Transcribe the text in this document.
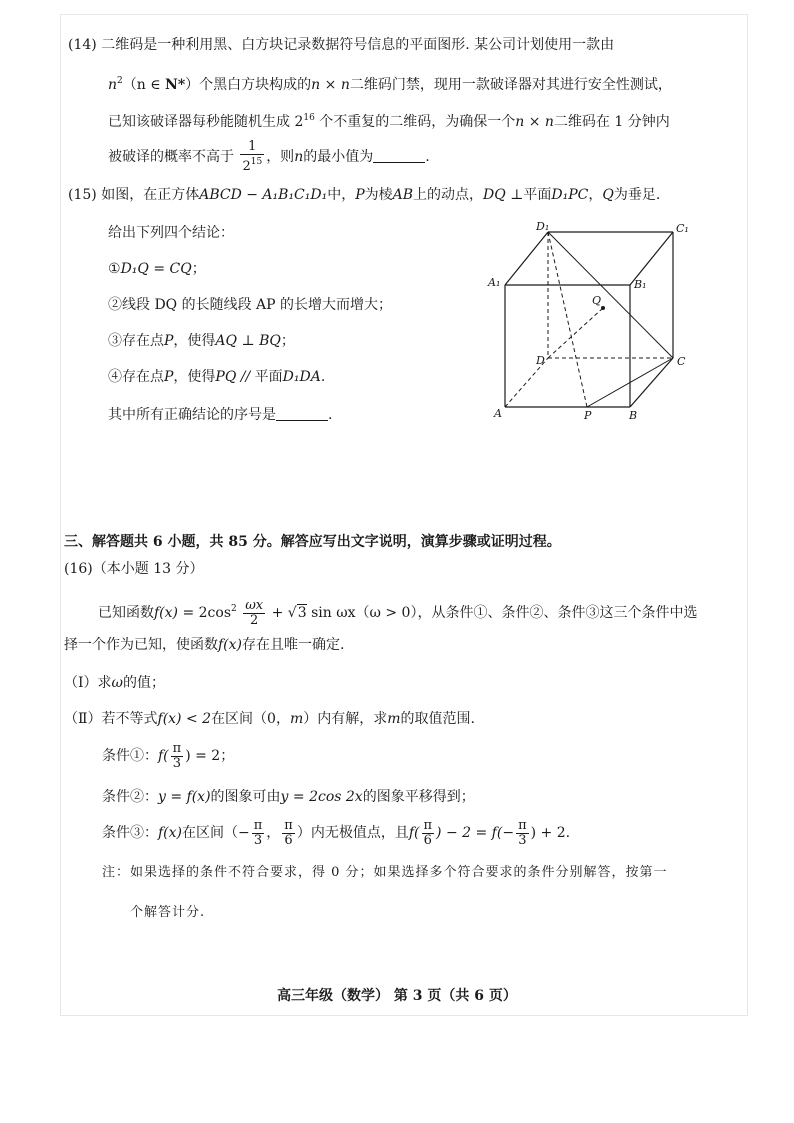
(14) 二维码是一种利用黑、白方块记录数据符号信息的平面图形. 某公司计划使用一款由
$n^2(n$ ∈ N*）个黑白方块构成的n × n二维码门禁，现用一款破译器对其进行安全性测试，
已知该破译器每秒能随机生成 $2^{16}$ 个不重复的二维码，为确保一个n × n二维码在 1 分钟内
被破译的概率不高于 $\frac{1}{2^{15}}$ ，则n的最小值为	.
(15) 如图，在正方体ABCD − A₁B₁C₁D₁中，P为棱AB上的动点，DQ ⊥平面D₁PC，Q为垂足.
给出下列四个结论：
①D₁Q = CQ；
②线段 DQ 的长随线段 AP 的长增大而增大；
③存在点P，使得AQ ⊥ BQ；
④存在点P，使得PQ // 平面D₁DA.
其中所有正确结论的序号是	.
D₁	C₁
A₁	B₁
Q
D	C
A	P	B
三、解答题共 6 小题，共 85 分。解答应写出文字说明，演算步骤或证明过程。
(16)（本小题 13 分）
已知函数$f(x) = 2\cos^2 \frac{\omega x}{2} + √3$ sin ωx（ω > 0），从条件①、条件②、条件③这三个条件中选
择一个作为已知，使函数f(x)存在且唯一确定.
（Ⅰ）求ω的值；
（Ⅱ）若不等式f(x) < 2在区间（0，m）内有解，求m的取值范围.
条件①：$f( \frac{\pi}{3}$ ) = 2；
条件②：y = f(x)的图象可由y = 2cos 2x的图象平移得到；
条件③：f(x)在区间（− $\frac{\pi}{3}$ ， $\frac{\pi}{6}$ ）内无极值点，且$f( \frac{\pi}{6}$ ) − $2 = f(- \frac{\pi}{3}$ ) + 2.
注：如果选择的条件不符合要求，得 0 分；如果选择多个符合要求的条件分别解答，按第一
个解答计分.
高三年级（数学） 第 3 页（共 6 页）
